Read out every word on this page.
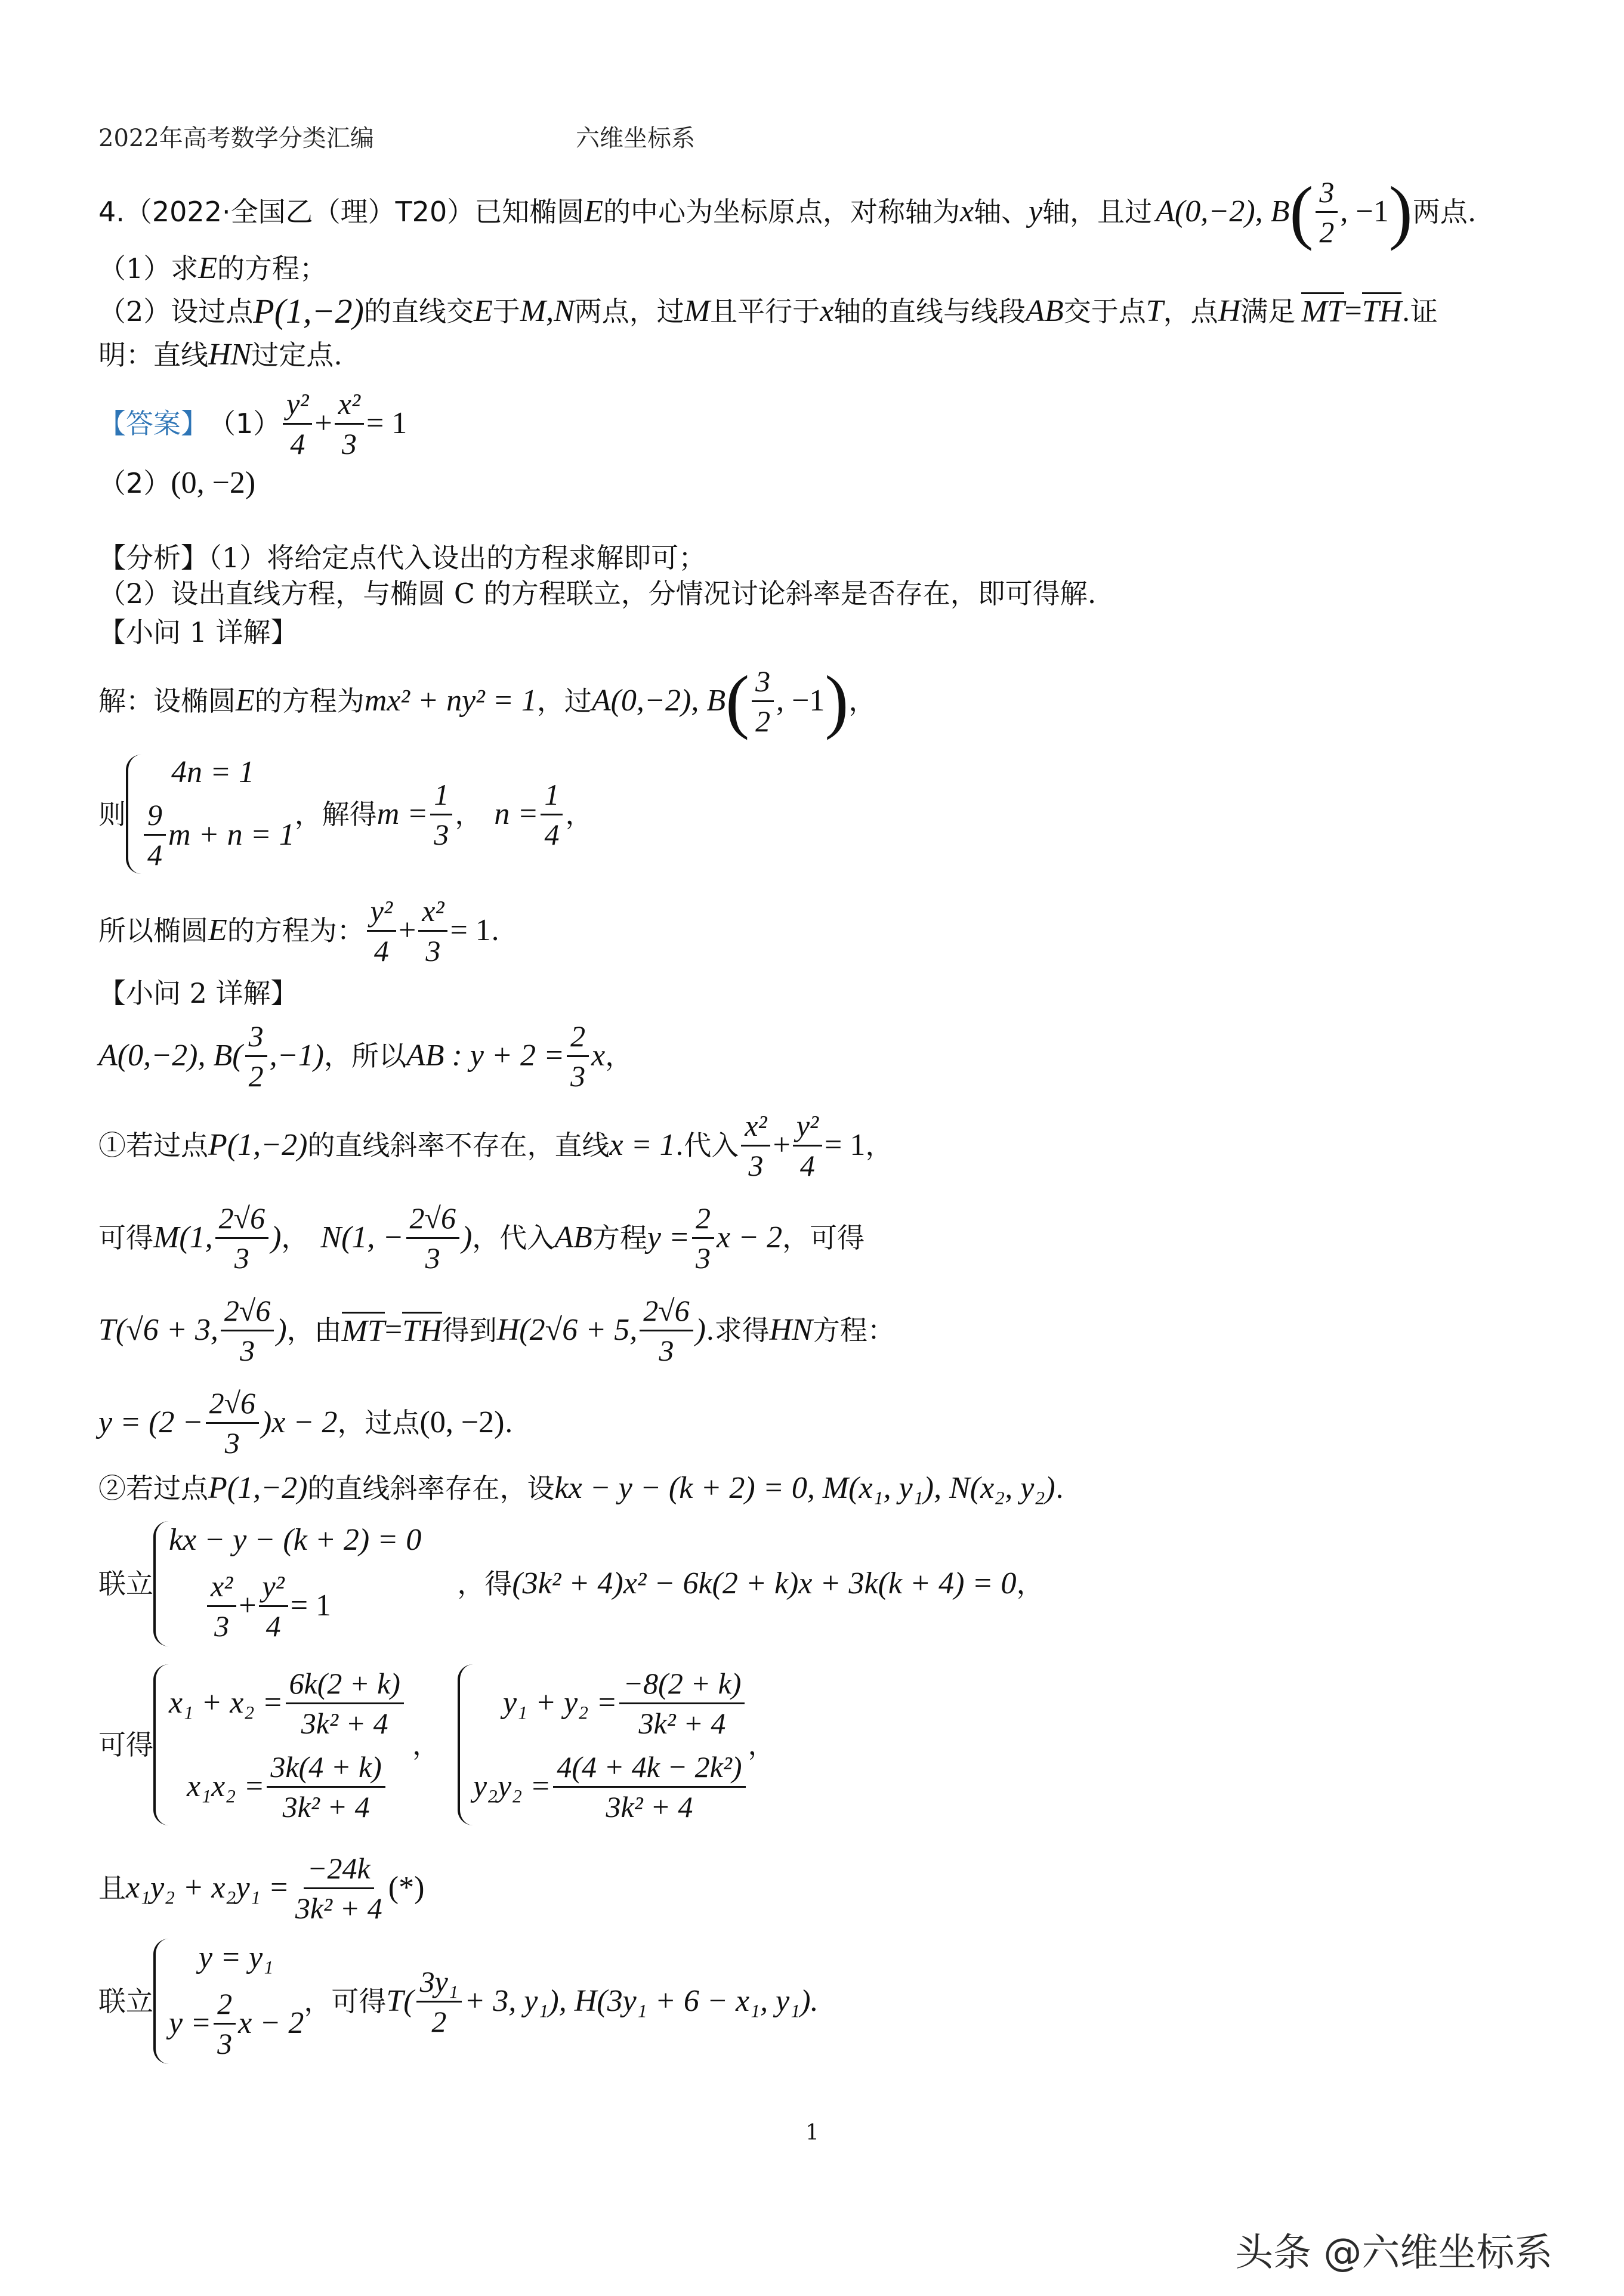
2022年高考数学分类汇编	六维坐标系
4. （2022·全国乙（理）T20） 已知椭圆 E 的中心为坐标原点，对称轴为 x 轴、 y 轴，且过 A(0,−2), B ( $\frac{3}{2}$ , −1 ) 两点.
（1）求E的方程；
（2）设过点 P(1,−2) 的直线交 E 于 M,N 两点，过 M 且平行于 x 轴的直线与线段 AB 交于点 T ，点 H 满足 MT = TH .证
明：直线HN过定点.
【答案】 $(1) \frac{\text{y²}}{4} + \frac{\text{x²}}{3} = 1$
（2） (0, −2)
【分析】（1）将给定点代入设出的方程求解即可；
（2）设出直线方程，与椭圆 C 的方程联立，分情况讨论斜率是否存在，即可得解.
【小问 1 详解】
解：设椭圆 E 的方程为 mx² + ny² = 1 ，过 A(0,−2), B ( $\frac{3}{2}$ , −1 ) ，
则
4n = 1
$\frac{9}{4}$ m + n = 1
，解得 $m = \frac{1}{3}$ ， $n = \frac{1}{4}$ ，
所以椭圆 E 的方程为： $\frac{\text{y²}}{4} + \frac{\text{x²}}{3} = 1$ .
【小问 2 详解】
A(0,−2), $B( \frac{3}{2} ,-1)$ ，所以 AB : $y + 2 = \frac{2}{3}$ x ，
①若过点 P(1,−2) 的直线斜率不存在，直线 x = 1 .代入 $\frac{\text{x²}}{3} + \frac{\text{y²}}{4} = 1$ ，
可得 M(1, $\frac{2√6}{3}$ ) ， N(1, − $\frac{2√6}{3}$ ) ，代入 AB 方程 $y = \frac{2}{3}$ x − 2 ，可得
T(√6 + 3, $\frac{2√6}{3}$ ) ，由 MT = TH 得到 H(2√6 + 5, $\frac{2√6}{3}$ ) .求得 HN 方程：
$y = (2 - \frac{2√6}{3} )x - 2$ ，过点 (0, −2) .
②若过点 P(1,−2) 的直线斜率存在，设 kx − y − (k + 2) = 0, M(x₁, y₁), N(x₂, y₂) .
联立
kx − y − (k + 2) = 0
$\frac{\text{x²}}{3} + \frac{\text{y²}}{4} = 1$
，得 (3k² + 4)x² − 6k(2 + k)x + 3k(k + 4) = 0 ，
可得
$x_1 + x_2 = \frac{6k(2 + k)}{\text{3k² + 4}}$
$x_1x_2 = \frac{3k(4 + k)}{\text{3k² + 4}}$
，
$y_1 + y_2 = \frac{-8(2 + k)}{\text{3k² + 4}}$
$y_2y_2 = \frac{\text{4(4 + 4k − 2k²)}}{\text{3k² + 4}}$
，
且 $x_1y_2 + x_2y_1 = \frac{-24k}{\text{3k² + 4}}$ (*)
联立
y = y₁
$y = \frac{2}{3}$ x − 2
，可得 $T( \frac{\text{3y₁}}{2} + 3$, y₁), H(3y₁ + 6 − x₁, y₁).
1
头条 @六维坐标系
